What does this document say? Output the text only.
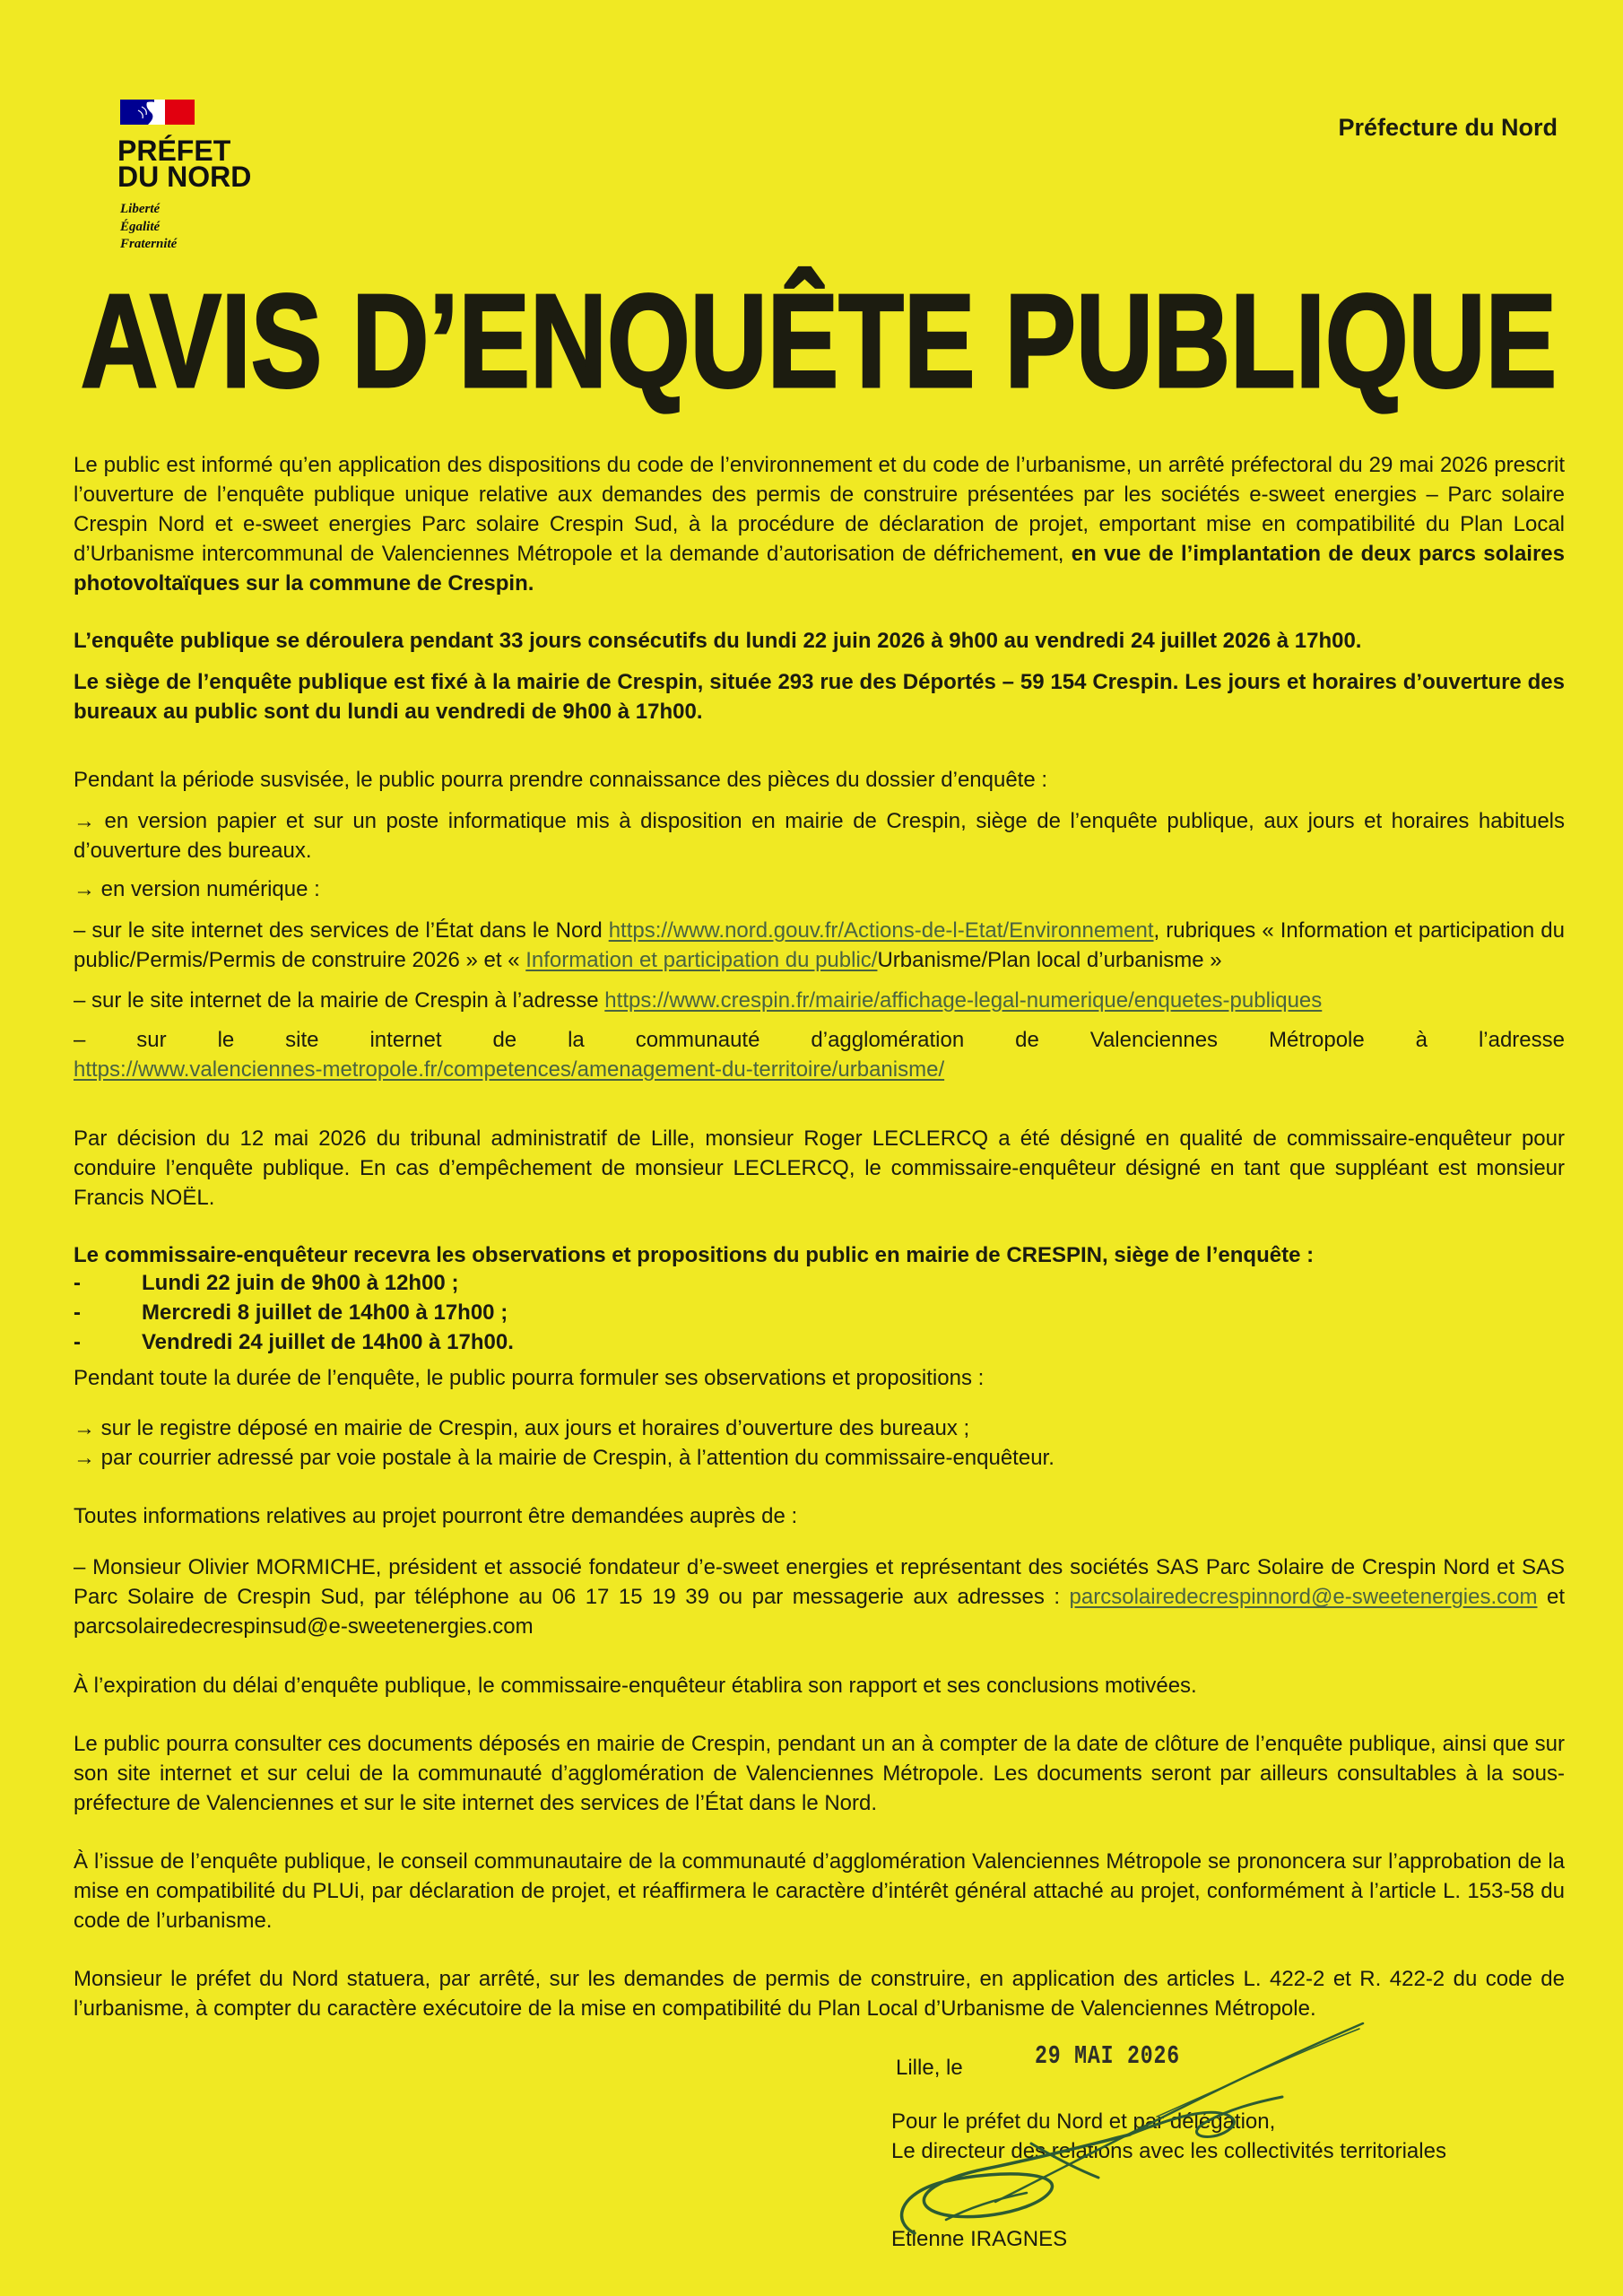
PRÉFET
DU NORD
Liberté
Égalité
Fraternité
Préfecture du Nord
AVIS D’ENQUÊTE PUBLIQUE

Le public est informé qu’en application des dispositions du code de l’environnement et du code de l’urbanisme, un arrêté préfectoral du 29 mai 2026 prescrit l’ouverture de l’enquête publique unique relative aux demandes des permis de construire présentées par les sociétés e-sweet energies – Parc solaire Crespin Nord et e-sweet energies Parc solaire Crespin Sud, à la procédure de déclaration de projet, emportant mise en compatibilité du Plan Local d’Urbanisme intercommunal de Valenciennes Métropole et la demande d’autorisation de défrichement, en vue de l’implantation de deux parcs solaires photovoltaïques sur la commune de Crespin.

L’enquête publique se déroulera pendant 33 jours consécutifs du lundi 22 juin 2026 à 9h00 au vendredi 24 juillet 2026 à 17h00.

Le siège de l’enquête publique est fixé à la mairie de Crespin, située 293 rue des Déportés – 59 154 Crespin. Les jours et horaires d’ouverture des bureaux au public sont du lundi au vendredi de 9h00 à 17h00.

Pendant la période susvisée, le public pourra prendre connaissance des pièces du dossier d’enquête :

→ en version papier et sur un poste informatique mis à disposition en mairie de Crespin, siège de l’enquête publique, aux jours et horaires habituels d’ouverture des bureaux.

→ en version numérique :

– sur le site internet des services de l’État dans le Nord https://www.nord.gouv.fr/Actions-de-l-Etat/Environnement, rubriques « Information et participation du public/Permis/Permis de construire 2026 » et « Information et participation du public/Urbanisme/Plan local d’urbanisme »

– sur le site internet de la mairie de Crespin à l’adresse https://www.crespin.fr/mairie/affichage-legal-numerique/enquetes-publiques

– sur le site internet de la communauté d’agglomération de Valenciennes Métropole à l’adresse https://www.valenciennes-metropole.fr/competences/amenagement-du-territoire/urbanisme/

Par décision du 12 mai 2026 du tribunal administratif de Lille, monsieur Roger LECLERCQ a été désigné en qualité de commissaire-enquêteur pour conduire l’enquête publique. En cas d’empêchement de monsieur LECLERCQ, le commissaire-enquêteur désigné en tant que suppléant est monsieur Francis NOËL.

Le commissaire-enquêteur recevra les observations et propositions du public en mairie de CRESPIN, siège de l’enquête :

-	Lundi 22 juin de 9h00 à 12h00 ;
-	Mercredi 8 juillet de 14h00 à 17h00 ;
-	Vendredi 24 juillet de 14h00 à 17h00.

Pendant toute la durée de l’enquête, le public pourra formuler ses observations et propositions :

→ sur le registre déposé en mairie de Crespin, aux jours et horaires d’ouverture des bureaux ;

→ par courrier adressé par voie postale à la mairie de Crespin, à l’attention du commissaire-enquêteur.

Toutes informations relatives au projet pourront être demandées auprès de :

– Monsieur Olivier MORMICHE, président et associé fondateur d’e-sweet energies et représentant des sociétés SAS Parc Solaire de Crespin Nord et SAS Parc Solaire de Crespin Sud, par téléphone au 06 17 15 19 39 ou par messagerie aux adresses : parcsolairedecrespinnord@e-sweetenergies.com et parcsolairedecrespinsud@e-sweetenergies.com

À l’expiration du délai d’enquête publique, le commissaire-enquêteur établira son rapport et ses conclusions motivées.

Le public pourra consulter ces documents déposés en mairie de Crespin, pendant un an à compter de la date de clôture de l’enquête publique, ainsi que sur son site internet et sur celui de la communauté d’agglomération de Valenciennes Métropole. Les documents seront par ailleurs consultables à la sous-préfecture de Valenciennes et sur le site internet des services de l’État dans le Nord.

À l’issue de l’enquête publique, le conseil communautaire de la communauté d’agglomération Valenciennes Métropole se prononcera sur l’approbation de la mise en compatibilité du PLUi, par déclaration de projet, et réaffirmera le caractère d’intérêt général attaché au projet, conformément à l’article L. 153-58 du code de l’urbanisme.

Monsieur le préfet du Nord statuera, par arrêté, sur les demandes de permis de construire, en application des articles L. 422-2 et R. 422-2 du code de l’urbanisme, à compter du caractère exécutoire de la mise en compatibilité du Plan Local d’Urbanisme de Valenciennes Métropole.

Lille, le	29 MAI 2026
Pour le préfet du Nord et par délégation,
Le directeur des relations avec les collectivités territoriales
Etienne IRAGNES
